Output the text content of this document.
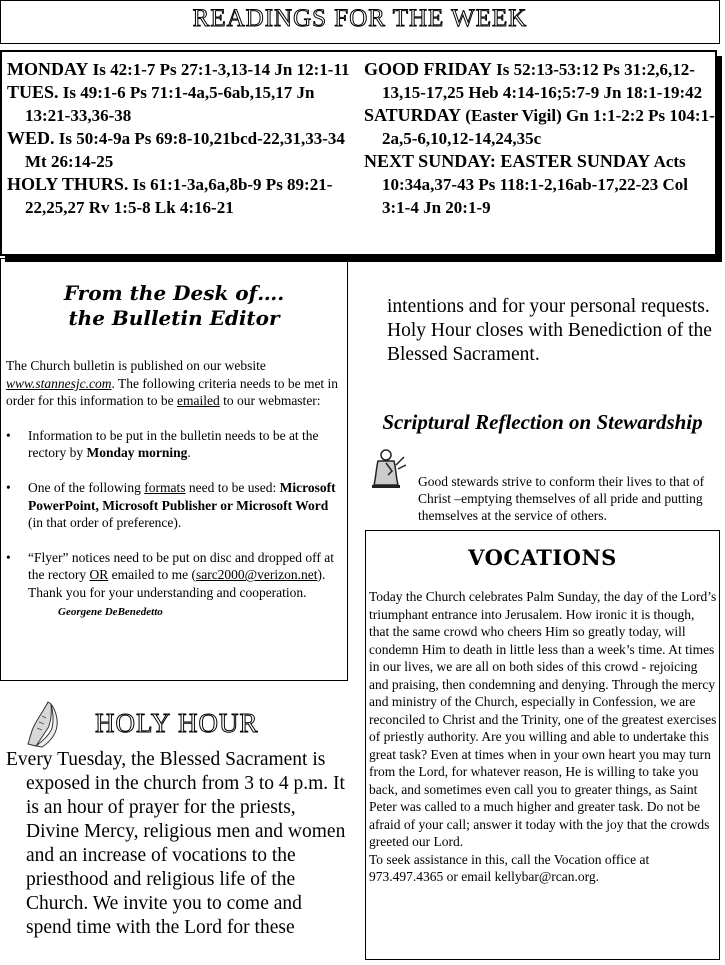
READINGS FOR THE WEEK

MONDAY Is 42:1-7 Ps 27:1-3,13-14 Jn 12:1-11

TUES. Is 49:1-6 Ps 71:1-4a,5-6ab,15,17 Jn 13:21-33,36-38

WED. Is 50:4-9a Ps 69:8-10,21bcd-22,31,33-34 Mt 26:14-25

HOLY THURS. Is 61:1-3a,6a,8b-9 Ps 89:21-22,25,27 Rv 1:5-8 Lk 4:16-21

GOOD FRIDAY Is 52:13-53:12 Ps 31:2,6,12-13,15-17,25 Heb 4:14-16;5:7-9 Jn 18:1-19:42

SATURDAY (Easter Vigil) Gn 1:1-2:2 Ps 104:1-2a,5-6,10,12-14,24,35c

NEXT SUNDAY: EASTER SUNDAY Acts 10:34a,37-43 Ps 118:1-2,16ab-17,22-23 Col 3:1-4 Jn 20:1-9

From the Desk of….
the Bulletin Editor

The Church bulletin is published on our website www.stannesjc.com. The following criteria needs to be met in order for this information to be emailed to our webmaster:

• Information to be put in the bulletin needs to be at the rectory by Monday morning.

• One of the following formats need to be used: Microsoft PowerPoint, Microsoft Publisher or Microsoft Word (in that order of preference).

• “Flyer” notices need to be put on disc and dropped off at the rectory OR emailed to me (sarc2000@verizon.net).

Thank you for your understanding and cooperation. Georgene DeBenedetto

HOLY HOUR

Every Tuesday, the Blessed Sacrament is exposed in the church from 3 to 4 p.m. It is an hour of prayer for the priests, Divine Mercy, religious men and women and an increase of vocations to the priesthood and religious life of the Church. We invite you to come and spend time with the Lord for these

intentions and for your personal requests. Holy Hour closes with Benediction of the Blessed Sacrament.
Scriptural Reflection on Stewardship

Good stewards strive to conform their lives to that of Christ –emptying themselves of all pride and putting themselves at the service of others.

VOCATIONS

Today the Church celebrates Palm Sunday, the day of the Lord’s triumphant entrance into Jerusalem. How ironic it is though, that the same crowd who cheers Him so greatly today, will condemn Him to death in little less than a week’s time. At times in our lives, we are all on both sides of this crowd - rejoicing and praising, then condemning and denying. Through the mercy and ministry of the Church, especially in Confession, we are reconciled to Christ and the Trinity, one of the greatest exercises of priestly authority. Are you willing and able to undertake this great task? Even at times when in your own heart you may turn from the Lord, for whatever reason, He is willing to take you back, and sometimes even call you to greater things, as Saint Peter was called to a much higher and greater task. Do not be afraid of your call; answer it today with the joy that the crowds greeted our Lord.

To seek assistance in this, call the Vocation office at 973.497.4365 or email kellybar@rcan.org.
